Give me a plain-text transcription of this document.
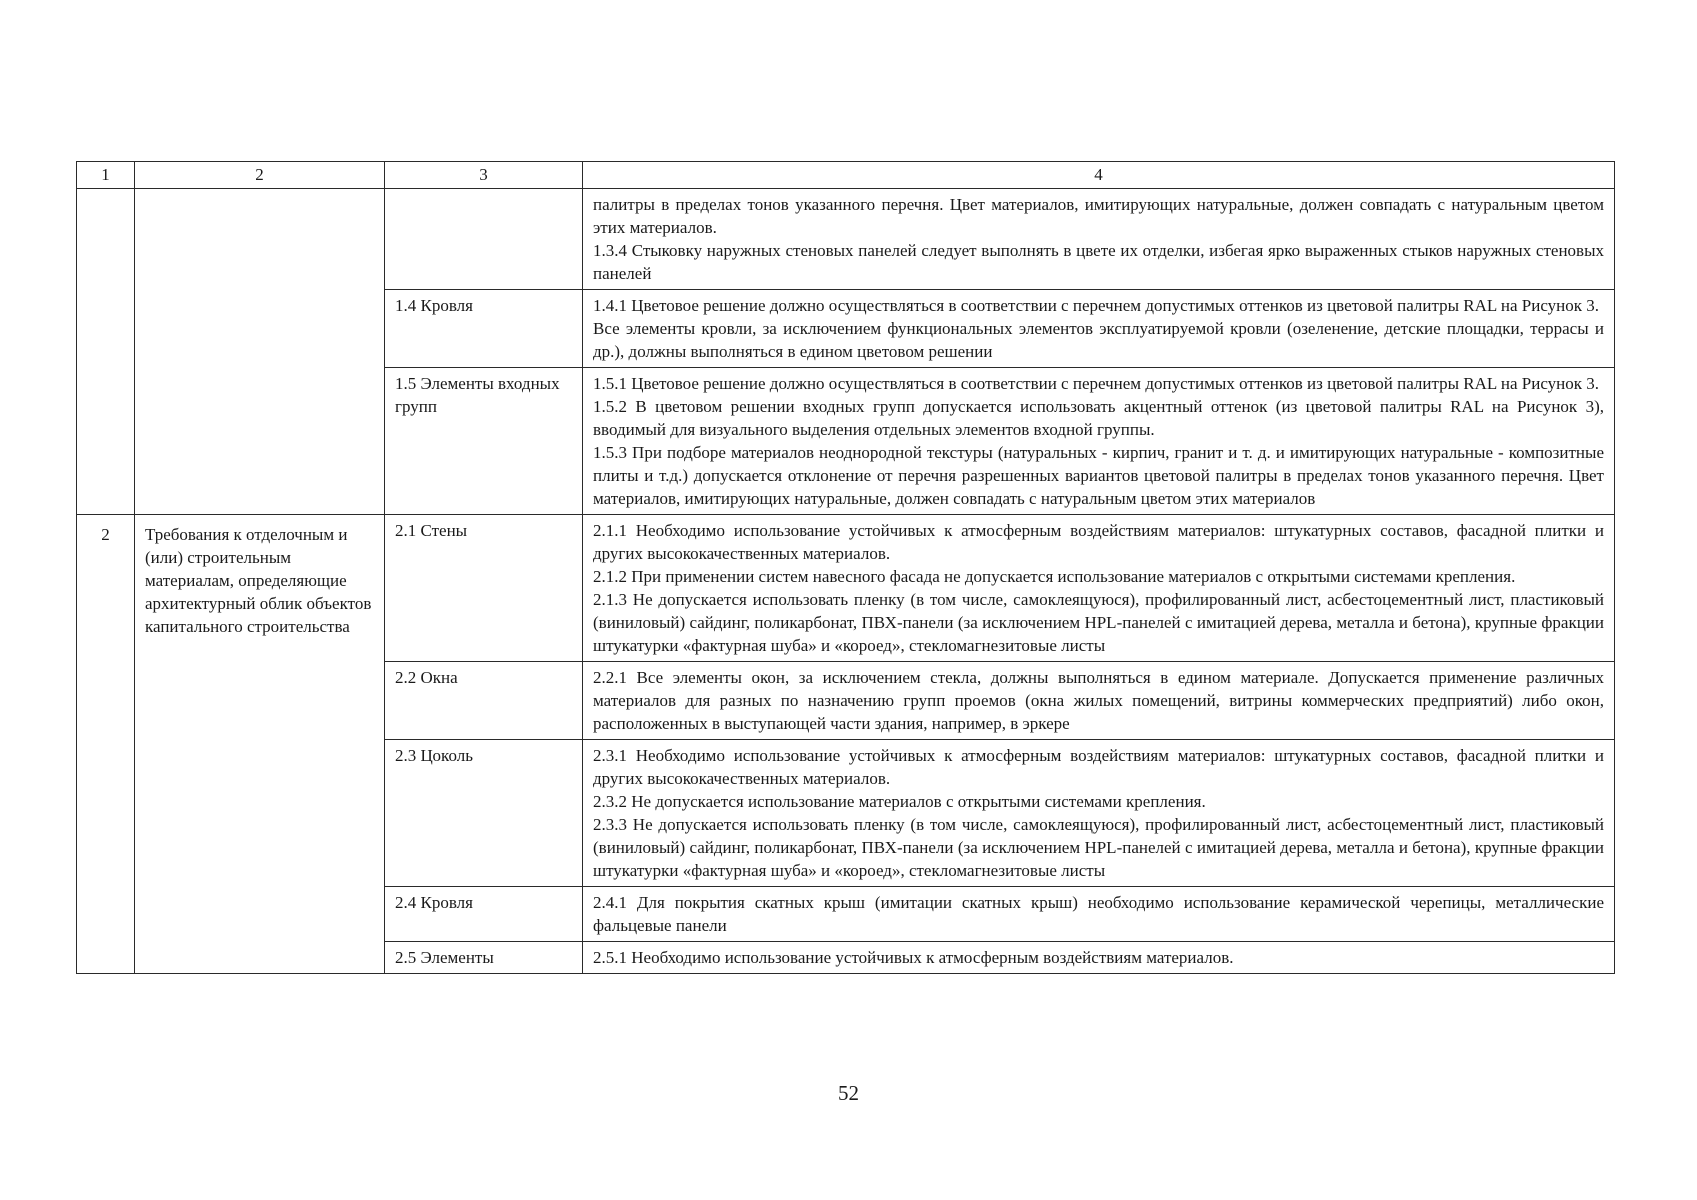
1	2	3	4

			палитры в пределах тонов указанного перечня. Цвет материалов, имитирующих натуральные, должен совпадать с натуральным цветом этих материалов.
1.3.4 Стыковку наружных стеновых панелей следует выполнять в цвете их отделки, избегая ярко выраженных стыков наружных стеновых панелей

		1.4 Кровля	1.4.1 Цветовое решение должно осуществляться в соответствии с перечнем допустимых оттенков из цветовой палитры RAL на Рисунок 3.
Все элементы кровли, за исключением функциональных элементов эксплуатируемой кровли (озеленение, детские площадки, террасы и др.), должны выполняться в едином цветовом решении

		1.5 Элементы входных групп	1.5.1 Цветовое решение должно осуществляться в соответствии с перечнем допустимых оттенков из цветовой палитры RAL на Рисунок 3.
1.5.2 В цветовом решении входных групп допускается использовать акцентный оттенок (из цветовой палитры RAL на Рисунок 3), вводимый для визуального выделения отдельных элементов входной группы.
1.5.3 При подборе материалов неоднородной текстуры (натуральных - кирпич, гранит и т. д. и имитирующих натуральные - композитные плиты и т.д.) допускается отклонение от перечня разрешенных вариантов цветовой палитры в пределах тонов указанного перечня. Цвет материалов, имитирующих натуральные, должен совпадать с натуральным цветом этих материалов

2	Требования к отделочным и (или) строительным материалам, определяющие архитектурный облик объектов капитального строительства	2.1 Стены	2.1.1 Необходимо использование устойчивых к атмосферным воздействиям материалов: штукатурных составов, фасадной плитки и других высококачественных материалов.
2.1.2 При применении систем навесного фасада не допускается использование материалов с открытыми системами крепления.
2.1.3 Не допускается использовать пленку (в том числе, самоклеящуюся), профилированный лист, асбестоцементный лист, пластиковый (виниловый) сайдинг, поликарбонат, ПВХ-панели (за исключением HPL-панелей с имитацией дерева, металла и бетона), крупные фракции штукатурки «фактурная шуба» и «короед», стекломагнезитовые листы

		2.2 Окна	2.2.1 Все элементы окон, за исключением стекла, должны выполняться в едином материале. Допускается применение различных материалов для разных по назначению групп проемов (окна жилых помещений, витрины коммерческих предприятий) либо окон, расположенных в выступающей части здания, например, в эркере

		2.3 Цоколь	2.3.1 Необходимо использование устойчивых к атмосферным воздействиям материалов: штукатурных составов, фасадной плитки и других высококачественных материалов.
2.3.2 Не допускается использование материалов с открытыми системами крепления.
2.3.3 Не допускается использовать пленку (в том числе, самоклеящуюся), профилированный лист, асбестоцементный лист, пластиковый (виниловый) сайдинг, поликарбонат, ПВХ-панели (за исключением HPL-панелей с имитацией дерева, металла и бетона), крупные фракции штукатурки «фактурная шуба» и «короед», стекломагнезитовые листы

		2.4 Кровля	2.4.1 Для покрытия скатных крыш (имитации скатных крыш) необходимо использование керамической черепицы, металлические фальцевые панели

		2.5 Элементы	2.5.1 Необходимо использование устойчивых к атмосферным воздействиям материалов.
52
